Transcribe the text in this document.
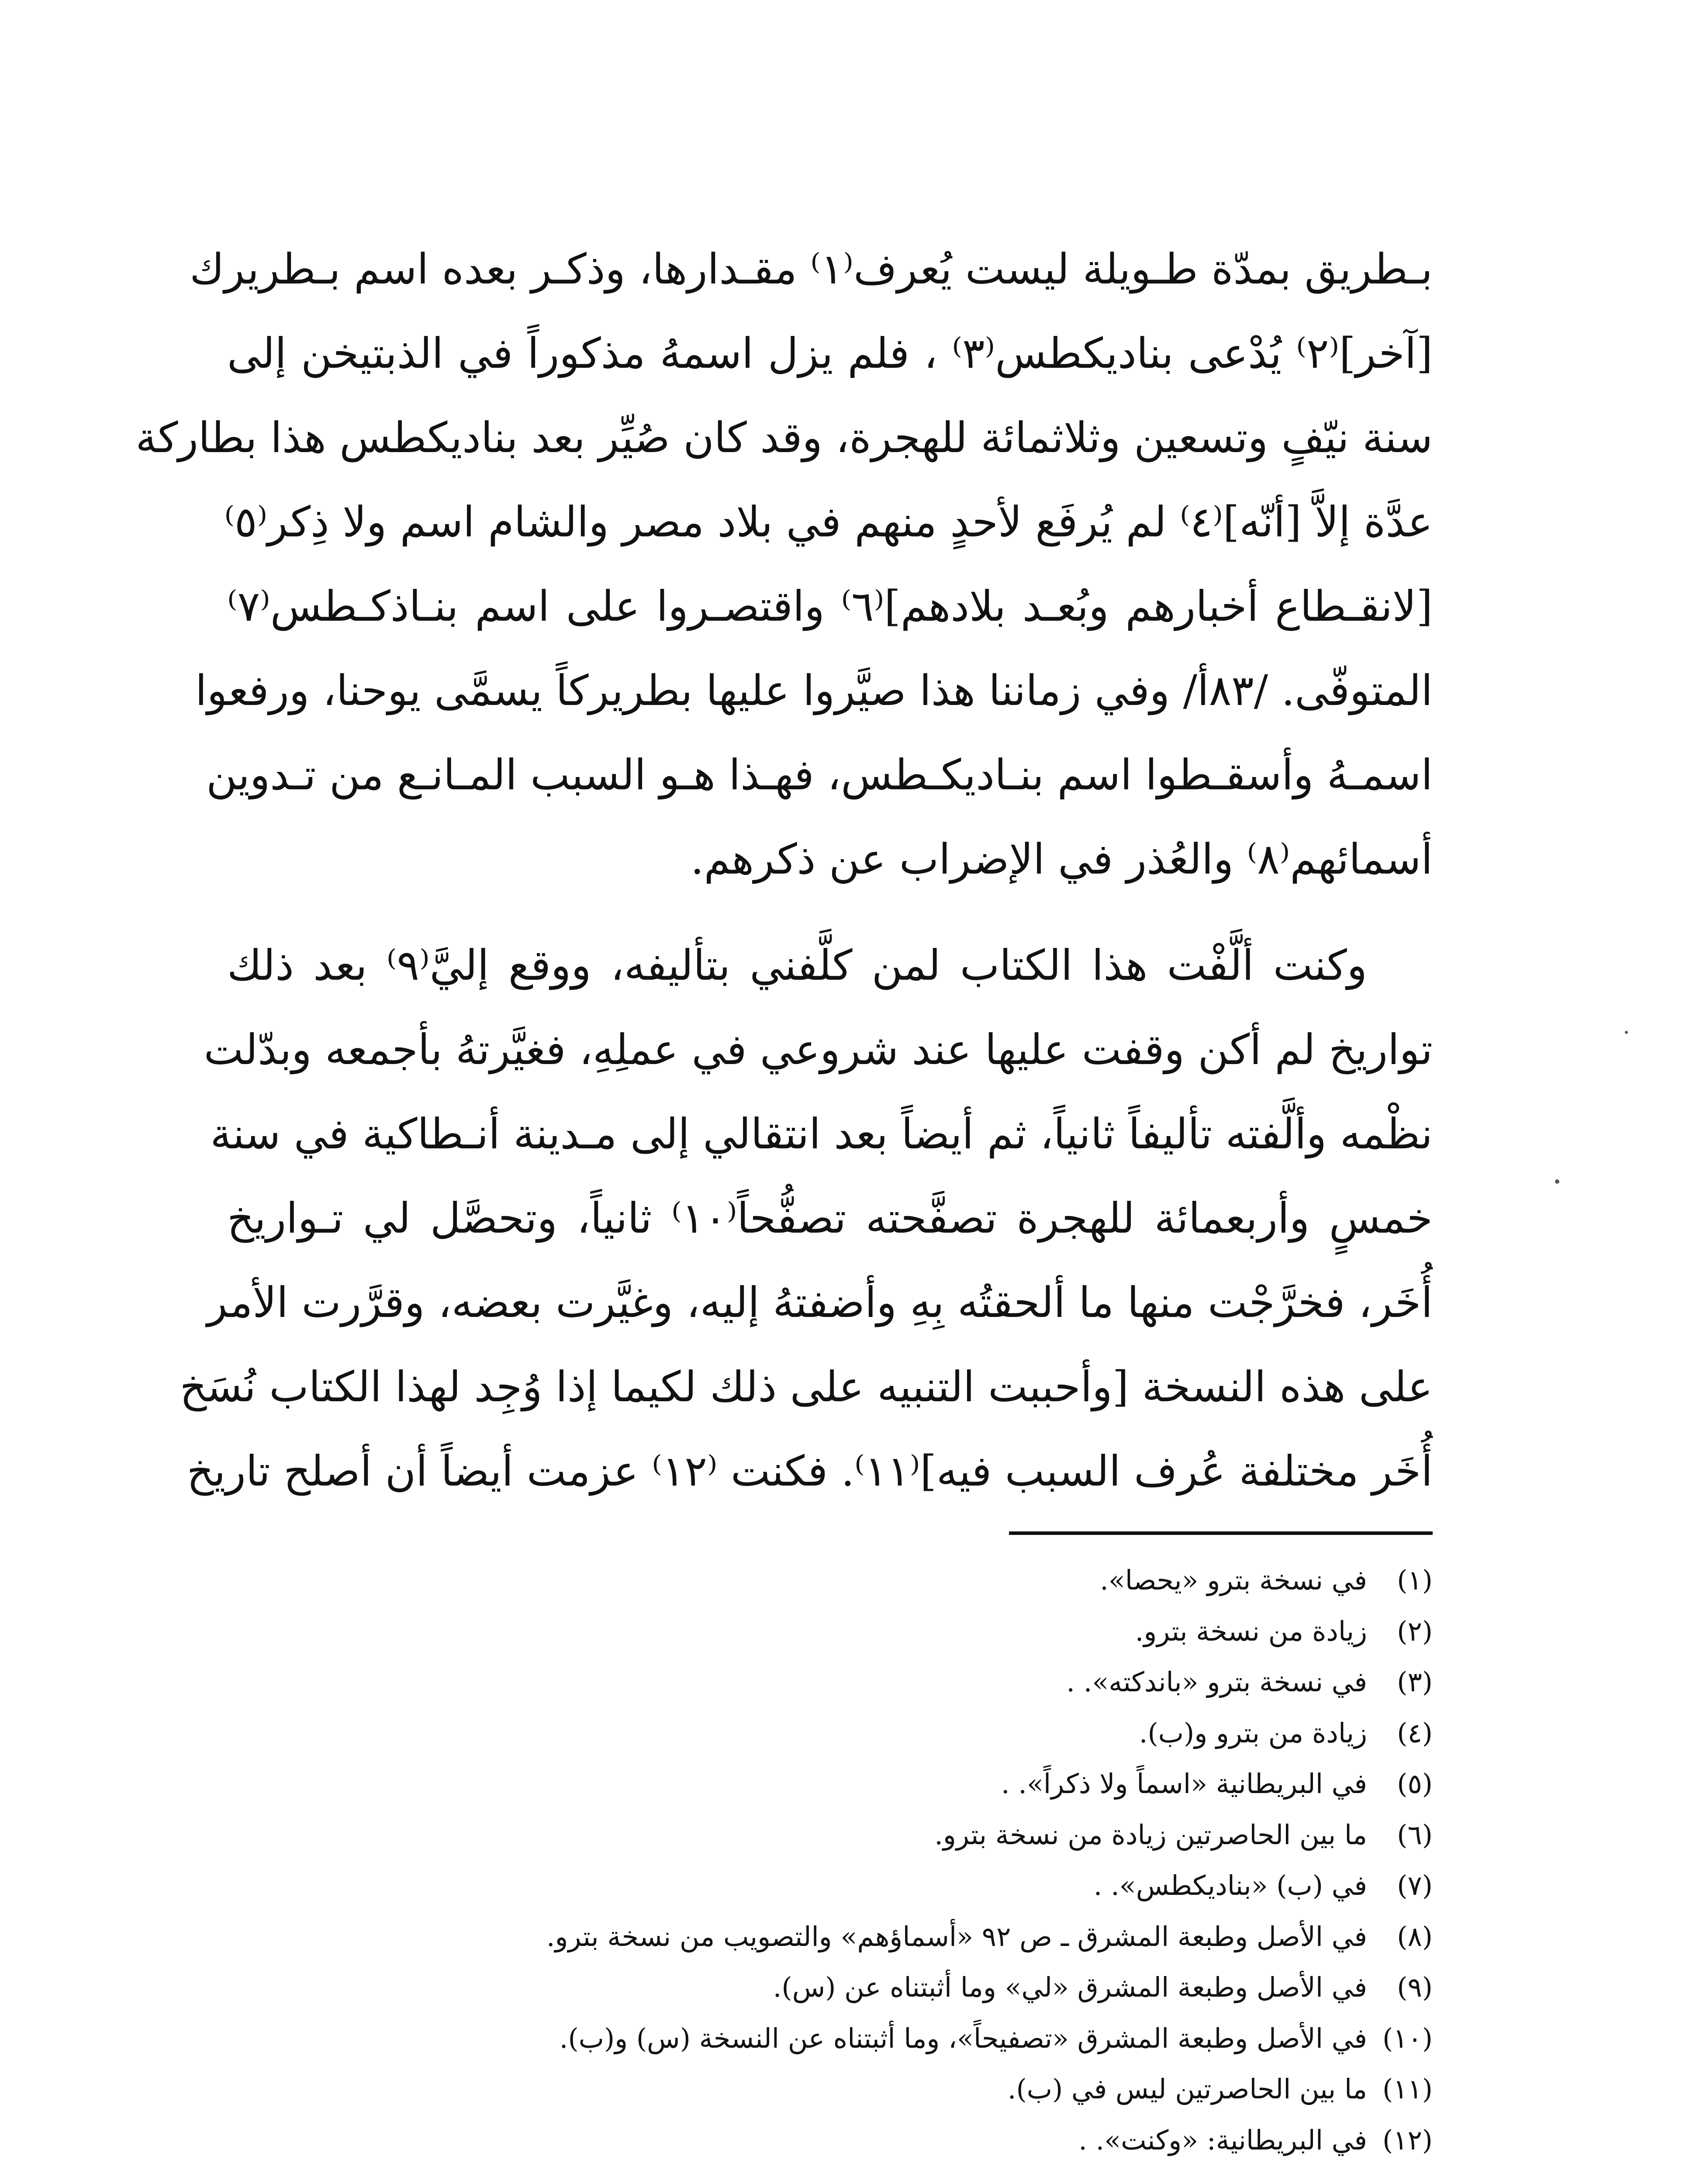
بـطريق بمدّة طـويلة ليست يُعرف⁽١⁾ مقـدارها، وذكـر بعده اسم بـطريرك
[آخر]⁽٢⁾ يُدْعى بناديكطس⁽٣⁾ ، فلم يزل اسمهُ مذكوراً في الذبتيخن إلى
سنة نيّفٍ وتسعين وثلاثمائة للهجرة، وقد كان صُيِّر بعد بناديكطس هذا بطاركة
عدَّة إلاَّ [أنّه]⁽٤⁾ لم يُرفَع لأحدٍ منهم في بلاد مصر والشام اسم ولا ذِكر⁽٥⁾
[لانقـطاع أخبارهم وبُعـد بلادهم]⁽٦⁾ واقتصـروا على اسم بنـاذكـطس⁽٧⁾
المتوفّى. /٨٣أ/ وفي زماننا هذا صيَّروا عليها بطريركاً يسمَّى يوحنا، ورفعوا
اسمـهُ وأسقـطوا اسم بنـاديكـطس، فهـذا هـو السبب المـانـع من تـدوين
أسمائهم⁽٨⁾ والعُذر في الإضراب عن ذكرهم.
وكنت ألَّفْت هذا الكتاب لمن كلَّفني بتأليفه، ووقع إليَّ⁽٩⁾ بعد ذلك
تواريخ لم أكن وقفت عليها عند شروعي في عملِهِ، فغيَّرتهُ بأجمعه وبدّلت
نظْمه وألَّفته تأليفاً ثانياً، ثم أيضاً بعد انتقالي إلى مـدينة أنـطاكية في سنة
خمسٍ وأربعمائة للهجرة تصفَّحته تصفُّحاً⁽١٠⁾ ثانياً، وتحصَّل لي تـواريخ
أُخَر، فخرَّجْت منها ما ألحقتُه بِهِ وأضفتهُ إليه، وغيَّرت بعضه، وقرَّرت الأمر
على هذه النسخة [وأحببت التنبيه على ذلك لكيما إذا وُجِد لهذا الكتاب نُسَخ
أُخَر مختلفة عُرف السبب فيه]⁽١١⁾. فكنت ⁽١٢⁾ عزمت أيضاً أن أصلح تاريخ
(١)
في نسخة بترو «يحصا».
(٢)
زيادة من نسخة بترو.
(٣)
في نسخة بترو «باندكته». .
(٤)
زيادة من بترو و(ب).
(٥)
في البريطانية «اسماً ولا ذكراً». .
(٦)
ما بين الحاصرتين زيادة من نسخة بترو.
(٧)
في (ب) «بناديكطس». .
(٨)
في الأصل وطبعة المشرق ـ ص ٩٢ «أسماؤهم» والتصويب من نسخة بترو.
(٩)
في الأصل وطبعة المشرق «لي» وما أثبتناه عن (س).
(١٠)
في الأصل وطبعة المشرق «تصفيحاً»، وما أثبتناه عن النسخة (س) و(ب).
(١١)
ما بين الحاصرتين ليس في (ب).
(١٢)
في البريطانية: «وكنت». .
